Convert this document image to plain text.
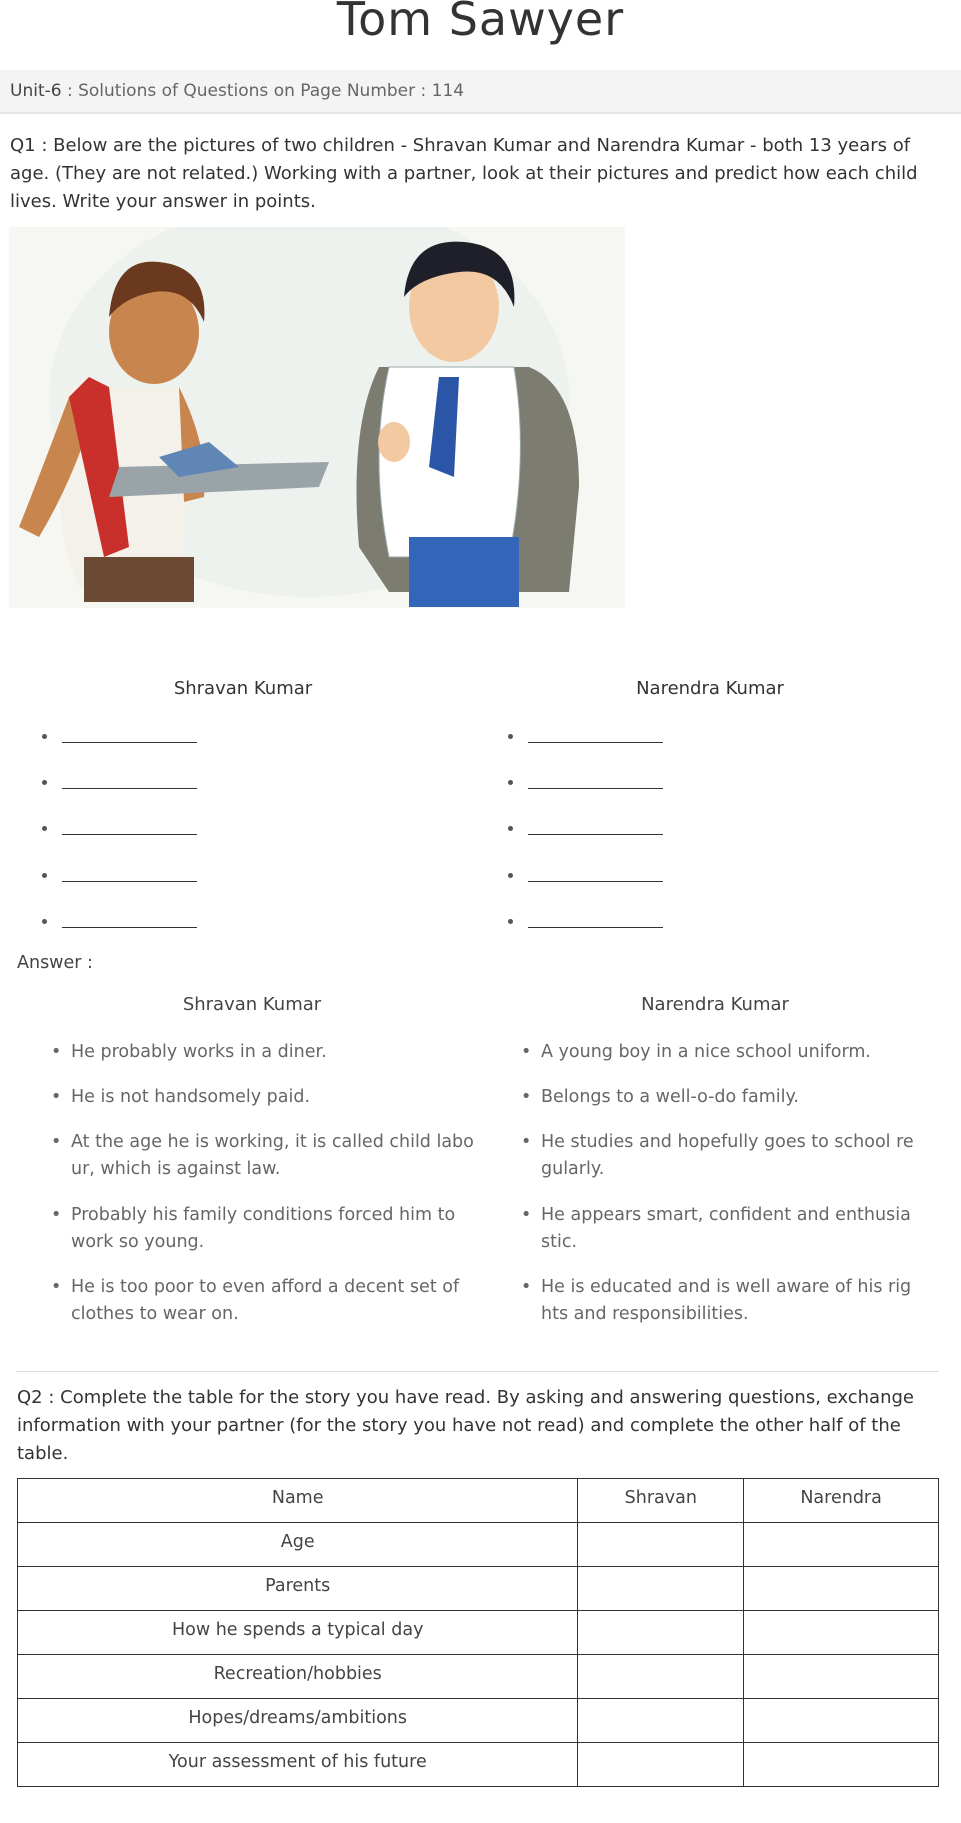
Tom Sawyer
Unit-6 : Solutions of Questions on Page Number : 114
Q1 : Below are the pictures of two children - Shravan Kumar and Narendra Kumar - both 13 years of age. (They are not related.) Working with a partner, look at their pictures and predict how each child lives. Write your answer in points.
Shravan Kumar	Narendra Kumar
Answer :
Shravan Kumar	Narendra Kumar
• He probably works in a diner.
• He is not handsomely paid.
• At the age he is working, it is called child labo ur, which is against law.
• Probably his family conditions forced him to work so young.
• He is too poor to even afford a decent set of clothes to wear on.
• A young boy in a nice school uniform.
• Belongs to a well-o-do family.
• He studies and hopefully goes to school re gularly.
• He appears smart, confident and enthusia stic.
• He is educated and is well aware of his rig hts and responsibilities.
Q2 : Complete the table for the story you have read. By asking and answering questions, exchange information with your partner (for the story you have not read) and complete the other half of the table.
Name	Shravan	Narendra
Age		
Parents		
How he spends a typical day		
Recreation/hobbies		
Hopes/dreams/ambitions		
Your assessment of his future		
